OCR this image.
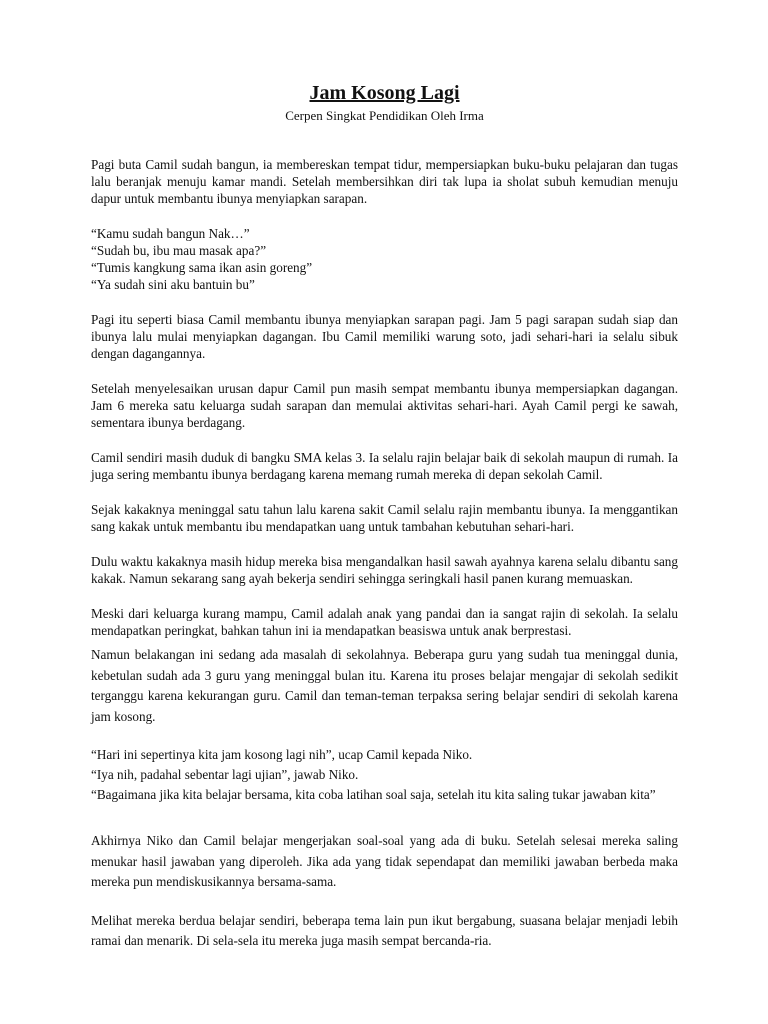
Jam Kosong Lagi

Cerpen Singkat Pendidikan Oleh Irma

Pagi buta Camil sudah bangun, ia membereskan tempat tidur, mempersiapkan buku-buku pelajaran dan tugas lalu beranjak menuju kamar mandi. Setelah membersihkan diri tak lupa ia sholat subuh kemudian menuju dapur untuk membantu ibunya menyiapkan sarapan.

“Kamu sudah bangun Nak…”
“Sudah bu, ibu mau masak apa?”
“Tumis kangkung sama ikan asin goreng”
“Ya sudah sini aku bantuin bu”

Pagi itu seperti biasa Camil membantu ibunya menyiapkan sarapan pagi. Jam 5 pagi sarapan sudah siap dan ibunya lalu mulai menyiapkan dagangan. Ibu Camil memiliki warung soto, jadi sehari-hari ia selalu sibuk dengan dagangannya.

Setelah menyelesaikan urusan dapur Camil pun masih sempat membantu ibunya mempersiapkan dagangan. Jam 6 mereka satu keluarga sudah sarapan dan memulai aktivitas sehari-hari. Ayah Camil pergi ke sawah, sementara ibunya berdagang.

Camil sendiri masih duduk di bangku SMA kelas 3. Ia selalu rajin belajar baik di sekolah maupun di rumah. Ia juga sering membantu ibunya berdagang karena memang rumah mereka di depan sekolah Camil.

Sejak kakaknya meninggal satu tahun lalu karena sakit Camil selalu rajin membantu ibunya. Ia menggantikan sang kakak untuk membantu ibu mendapatkan uang untuk tambahan kebutuhan sehari-hari.

Dulu waktu kakaknya masih hidup mereka bisa mengandalkan hasil sawah ayahnya karena selalu dibantu sang kakak. Namun sekarang sang ayah bekerja sendiri sehingga seringkali hasil panen kurang memuaskan.

Meski dari keluarga kurang mampu, Camil adalah anak yang pandai dan ia sangat rajin di sekolah. Ia selalu mendapatkan peringkat, bahkan tahun ini ia mendapatkan beasiswa untuk anak berprestasi.

Namun belakangan ini sedang ada masalah di sekolahnya. Beberapa guru yang sudah tua meninggal dunia, kebetulan sudah ada 3 guru yang meninggal bulan itu. Karena itu proses belajar mengajar di sekolah sedikit terganggu karena kekurangan guru. Camil dan teman-teman terpaksa sering belajar sendiri di sekolah karena jam kosong.

“Hari ini sepertinya kita jam kosong lagi nih”, ucap Camil kepada Niko.
“Iya nih, padahal sebentar lagi ujian”, jawab Niko.
“Bagaimana jika kita belajar bersama, kita coba latihan soal saja, setelah itu kita saling tukar jawaban kita”

Akhirnya Niko dan Camil belajar mengerjakan soal-soal yang ada di buku. Setelah selesai mereka saling menukar hasil jawaban yang diperoleh. Jika ada yang tidak sependapat dan memiliki jawaban berbeda maka mereka pun mendiskusikannya bersama-sama.

Melihat mereka berdua belajar sendiri, beberapa tema lain pun ikut bergabung, suasana belajar menjadi lebih ramai dan menarik. Di sela-sela itu mereka juga masih sempat bercanda-ria.
